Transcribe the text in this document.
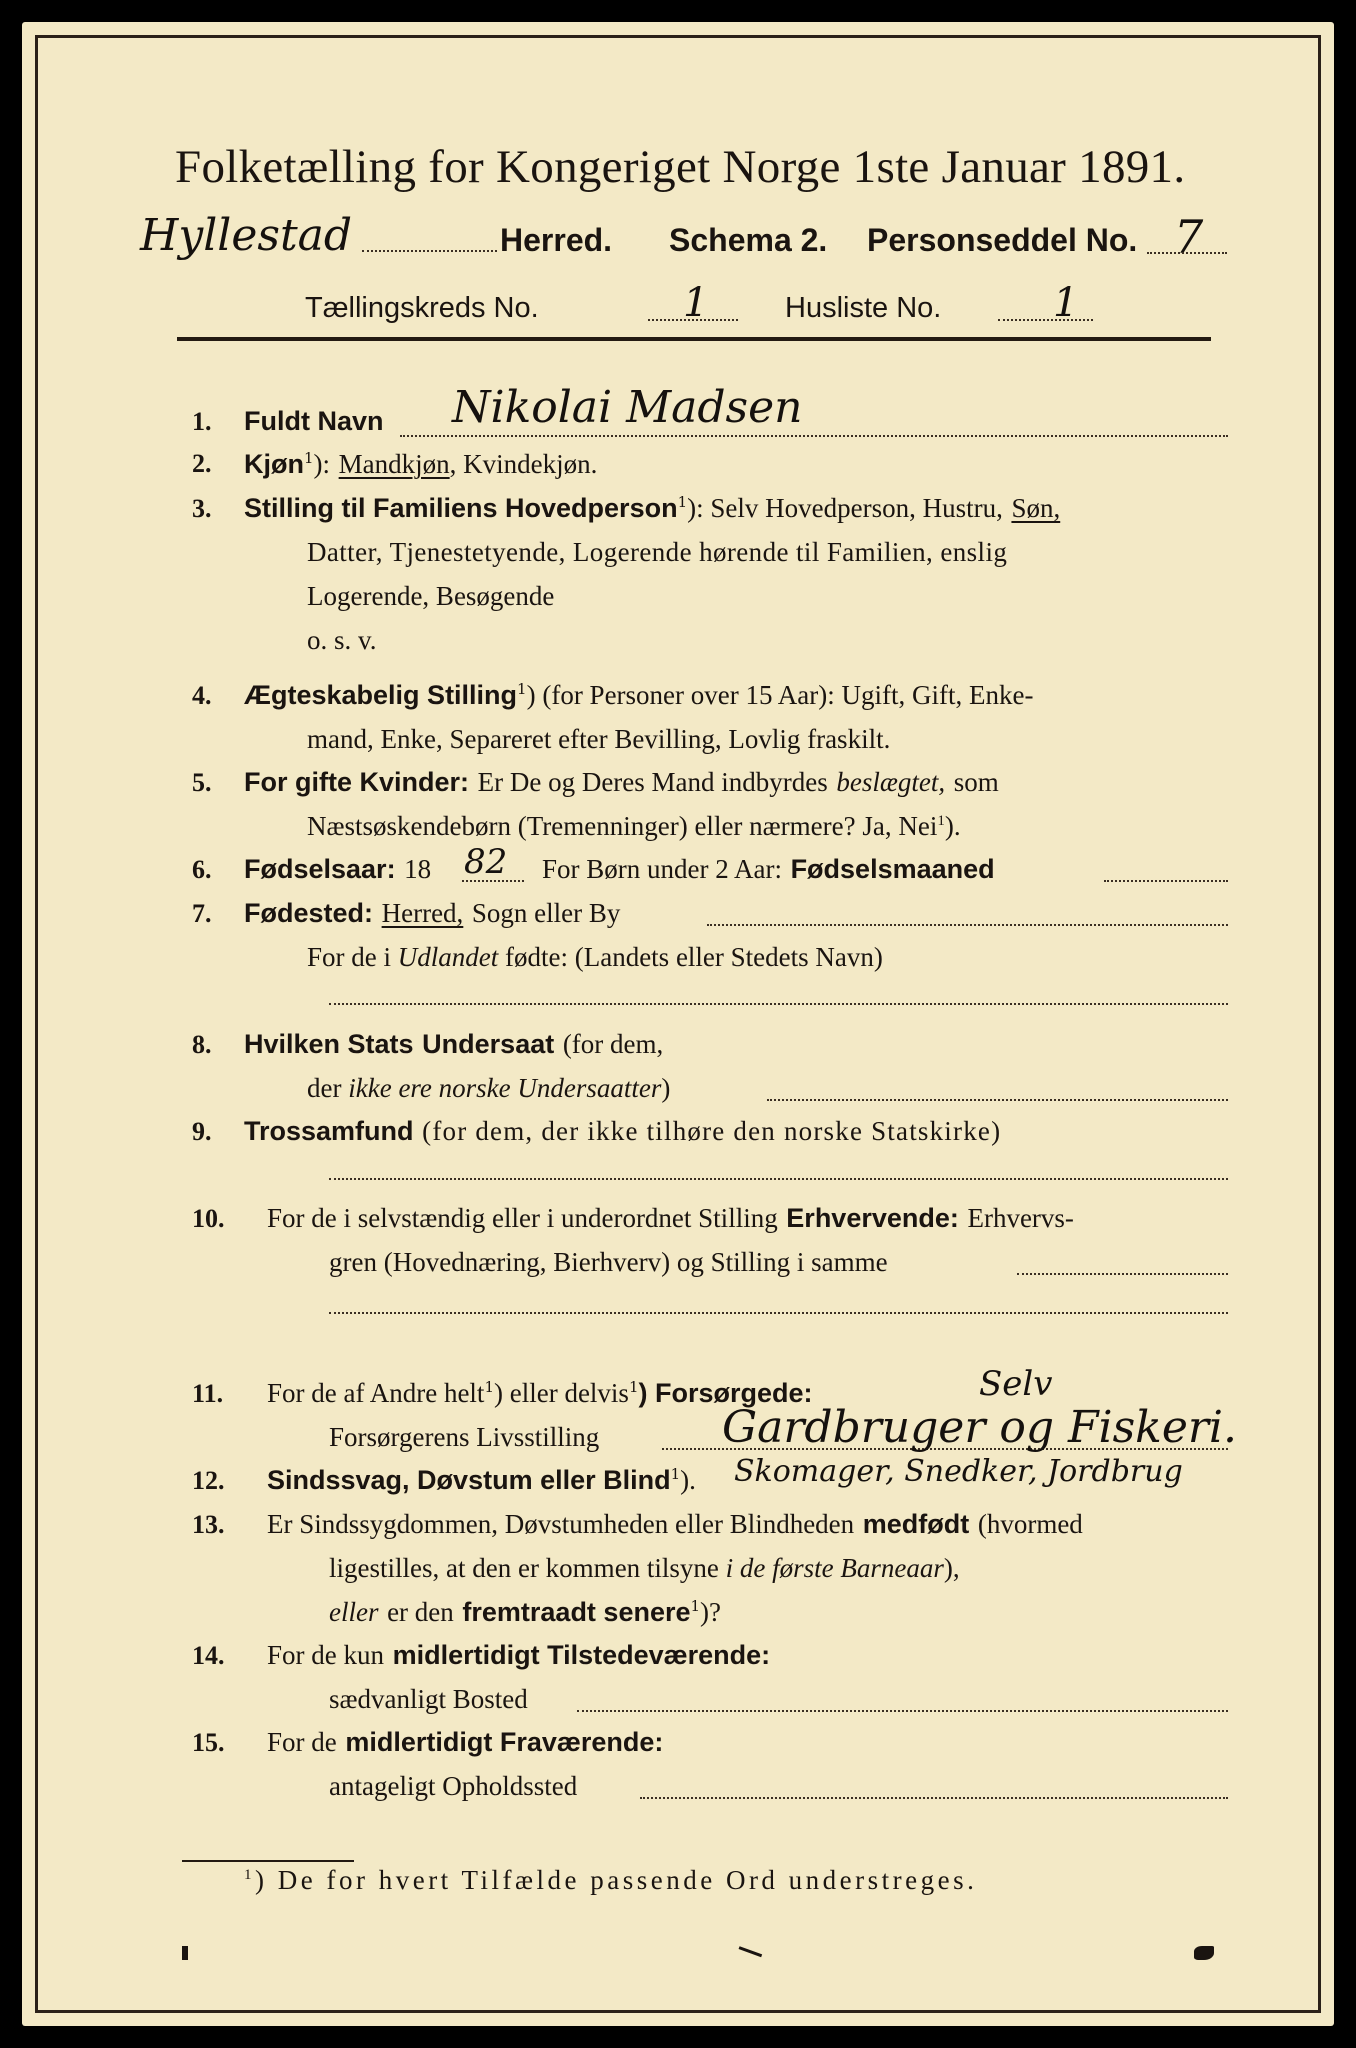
Folketælling for Kongeriget Norge 1ste Januar 1891.
Hyllestad	Herred. Schema 2. Personseddel No. 7
Tællingskreds No.	1	Husliste No.	1
1. Fuldt Navn Nikolai Madsen
2. Kjøn$^1$): Mandkjøn, Kvindekjøn.
3. Stilling til Familiens Hovedperson$^1$): Selv Hovedperson, Hustru, Søn,
Datter, Tjenestetyende, Logerende hørende til Familien, enslig
Logerende, Besøgende
o. s. v.
4. Ægteskabelig Stilling$^1$) (for Personer over 15 Aar): Ugift, Gift, Enke-
mand, Enke, Separeret efter Bevilling, Lovlig fraskilt.
5. For gifte Kvinder: Er De og Deres Mand indbyrdes beslægtet, som
Næstsøskendebørn (Tremenninger) eller nærmere? Ja, Nei$^1$).
6. Fødselsaar: 18 82 For Børn under 2 Aar: Fødselsmaaned
7. Fødested: Herred, Sogn eller By
For de i Udlandet fødte: (Landets eller Stedets Navn)
8. Hvilken Stats Undersaat (for dem,
der ikke ere norske Undersaatter)
9. Trossamfund (for dem, der ikke tilhøre den norske Statskirke)
10. For de i selvstændig eller i underordnet Stilling Erhvervende: Erhvervs-
gren (Hovednæring, Bierhverv) og Stilling i samme
11. For de af Andre helt$^1$) eller delvis$^1$) Forsørgede:	Selv
Forsørgerens Livsstilling	Gardbruger og Fiskeri.
12. Sindssvag, Døvstum eller Blind$^1$). Skomager, Snedker, Jordbrug
13. Er Sindssygdommen, Døvstumheden eller Blindheden medfødt (hvormed
ligestilles, at den er kommen tilsyne i de første Barneaar),
eller er den fremtraadt senere$^1$)?
14. For de kun midlertidigt Tilstedeværende:
sædvanligt Bosted
15. For de midlertidigt Fraværende:
antageligt Opholdssted
$^1$) De for hvert Tilfælde passende Ord understreges.
